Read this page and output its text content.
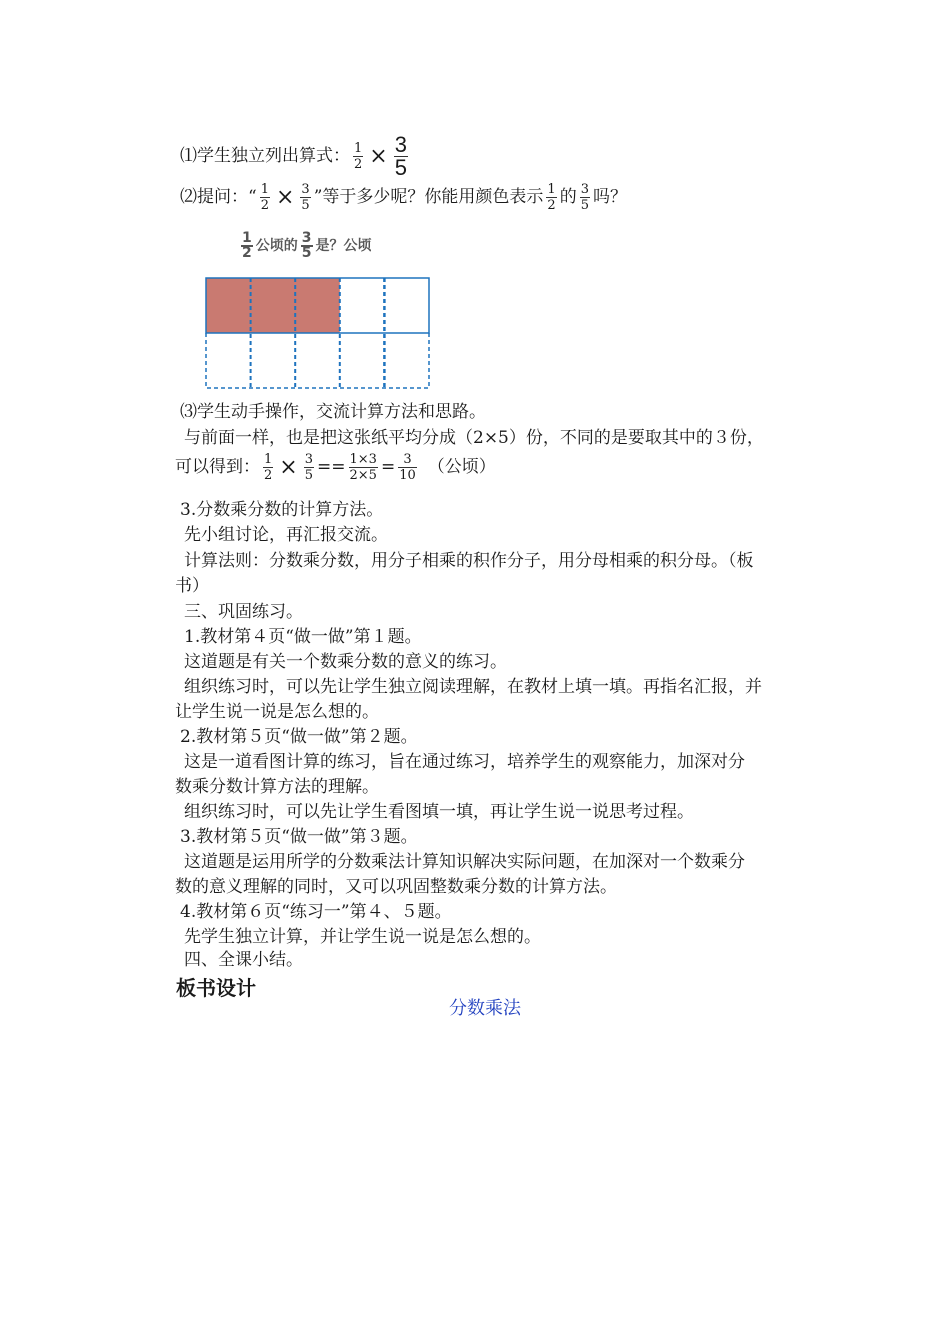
⑴学生独立列出算式： $\frac{1}{2} \times \frac{3}{5}$
⑵提问：“ $\frac{1}{2} \times \frac{3}{5}$ ”等于多少呢？你能用颜色表示 $\frac{1}{2}$ 的 $\frac{3}{5}$ 吗？
$\frac{1}{2}$ 公顷的 $\frac{3}{5}$ 是？公顷
⑶学生动手操作，交流计算方法和思路。
与前面一样，也是把这张纸平均分成（2×5）份，不同的是要取其中的３份，
可以得到： $\frac{1}{2} \times \frac{3}{5} == \frac{1\times 3}{2\times 5} = \frac{3}{10}$ （公顷）
3.分数乘分数的计算方法。
先小组讨论，再汇报交流。
计算法则：分数乘分数，用分子相乘的积作分子，用分母相乘的积分母。（板
书）
三、巩固练习。
1.教材第４页“做一做”第１题。
这道题是有关一个数乘分数的意义的练习。
组织练习时，可以先让学生独立阅读理解，在教材上填一填。再指名汇报，并
让学生说一说是怎么想的。
2.教材第５页“做一做”第２题。
这是一道看图计算的练习，旨在通过练习，培养学生的观察能力，加深对分
数乘分数计算方法的理解。
组织练习时，可以先让学生看图填一填，再让学生说一说思考过程。
3.教材第５页“做一做”第３题。
这道题是运用所学的分数乘法计算知识解决实际问题，在加深对一个数乘分
数的意义理解的同时，又可以巩固整数乘分数的计算方法。
4.教材第６页“练习一”第４、５题。
先学生独立计算，并让学生说一说是怎么想的。
四、全课小结。
板书设计
分数乘法
